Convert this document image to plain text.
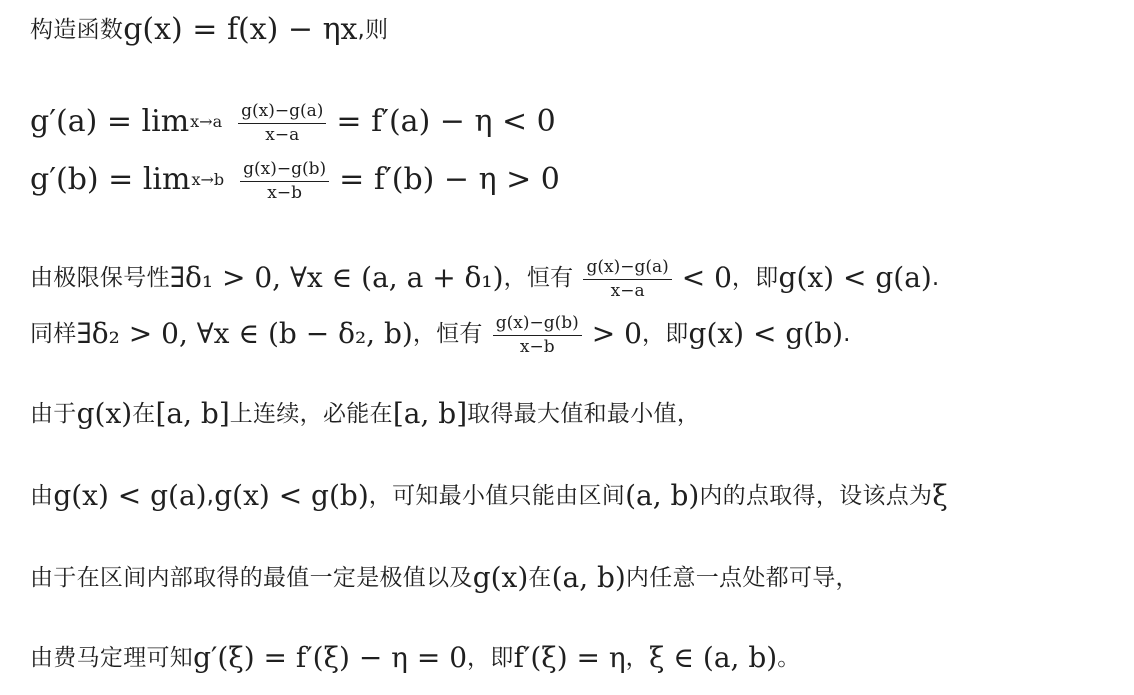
构造函数 g(x) = f(x) − ηx ,则
$g'(a) = \lim x\to a \frac{g(x)-g(a)}{x-a} = f'(a) - \eta < 0$
$g'(b) = \lim x\to b \frac{g(x)-g(b)}{x-b} = f'(b) - \eta > 0$
由极限保号性 ∃δ₁ > 0, ∀x ∈ (a, a + δ₁) ，恒有 $\frac{g(x)-g(a)}{x-a} < 0$ ，即 g(x) < g(a) .
同样 ∃δ₂ > 0, ∀x ∈ (b − δ₂, b) ，恒有 $\frac{g(x)-g(b)}{x-b} > 0$ ，即 g(x) < g(b) .
由于 g(x) 在 [a, b] 上连续，必能在 [a, b] 取得最大值和最小值，
由 g(x) < g(a) , g(x) < g(b) ，可知最小值只能由区间 (a, b) 内的点取得，设该点为 ξ
由于在区间内部取得的最值一定是极值以及 g(x) 在 (a, b) 内任意一点处都可导，
由费马定理可知 g′(ξ) = f′(ξ) − η = 0 ，即 f′(ξ) = η ， ξ ∈ (a, b) 。
